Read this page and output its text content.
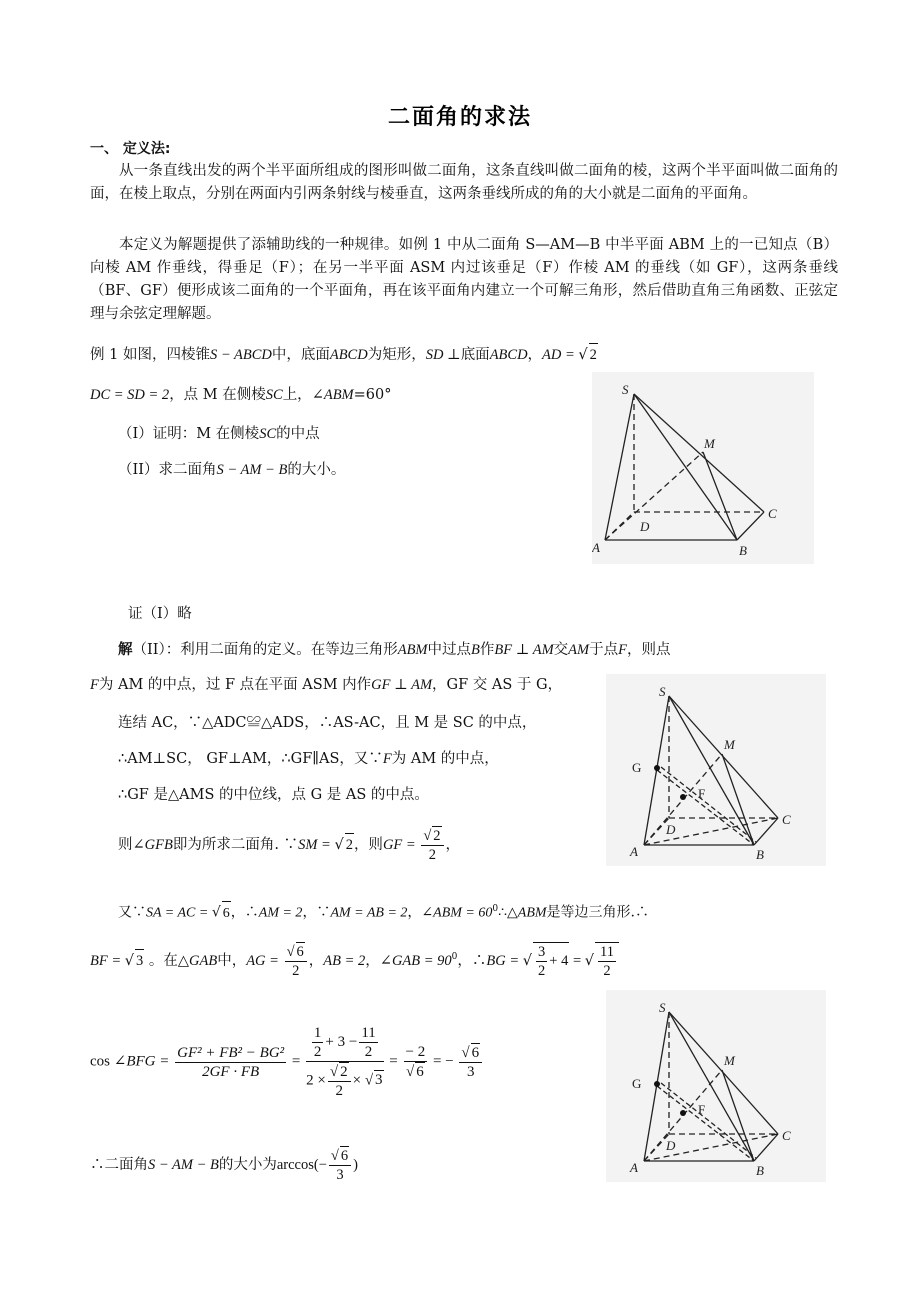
二面角的求法
一、 定义法:
从一条直线出发的两个半平面所组成的图形叫做二面角，这条直线叫做二面角的棱，这两个半平面叫做二面角的面，在棱上取点，分别在两面内引两条射线与棱垂直，这两条垂线所成的角的大小就是二面角的平面角。
本定义为解题提供了添辅助线的一种规律。如例 1 中从二面角 S—AM—B 中半平面 ABM 上的一已知点（B）向棱 AM 作垂线，得垂足（F）；在另一半平面 ASM 内过该垂足（F）作棱 AM 的垂线（如 GF），这两条垂线（BF、GF）便形成该二面角的一个平面角，再在该平面角内建立一个可解三角形，然后借助直角三角函数、正弦定理与余弦定理解题。
例 1 如图，四棱锥S − ABCD中，底面ABCD为矩形，SD ⊥底面ABCD，AD = √ 2
DC = SD = 2，点 M 在侧棱SC上，∠ABM=60°
（I）证明：M 在侧棱SC的中点
（II）求二面角S − AM − B的大小。
S
M
D
C
A	B
证（I）略
解（II）：利用二面角的定义。在等边三角形ABM中过点B作BF ⊥ AM交AM于点F，则点
F为 AM 的中点，过 F 点在平面 ASM 内作GF ⊥ AM，GF 交 AS 于 G，
连结 AC，∵△ADC≌△ADS，∴AS-AC，且 M 是 SC 的中点，
∴AM⊥SC， GF⊥AM，∴GF∥AS，又∵F为 AM 的中点，
∴GF 是△AMS 的中位线，点 G 是 AS 的中点。
则∠GFB即为所求二面角. ∵SM = √ 2，则GF = $\frac{√ 2}{2}$ ，
S
M
G
F
D
C
A	B
又∵SA = AC = √ 6，∴AM = 2，∵AM = AB = 2，∠ABM = $60^0\therefore\triangle ABM$是等边三角形.∴
BF = √ 3 。在△GAB中，AG = $\frac{√ 6}{2}$ ，AB = 2，∠GAB = $90^0$，∴BG = √ $\frac{3}{2} + 4$ = √ $\frac{11}{2}$
cos ∠BFG = $\frac{\text{GF² + FB² − BG²}}{2GF \cdot FB} = \frac{\frac{1}{2} + 3 - \frac{11}{2}}{2 \times \frac{√ 2}{2} \times √ 3} = \frac{- 2}{√ 6}$ = − $\frac{√ 6}{3}$
S
M
G
F
D
C
A	B
∴二面角S − AM − B的大小为$\arccos(- \frac{√ 6}{3}$ )
